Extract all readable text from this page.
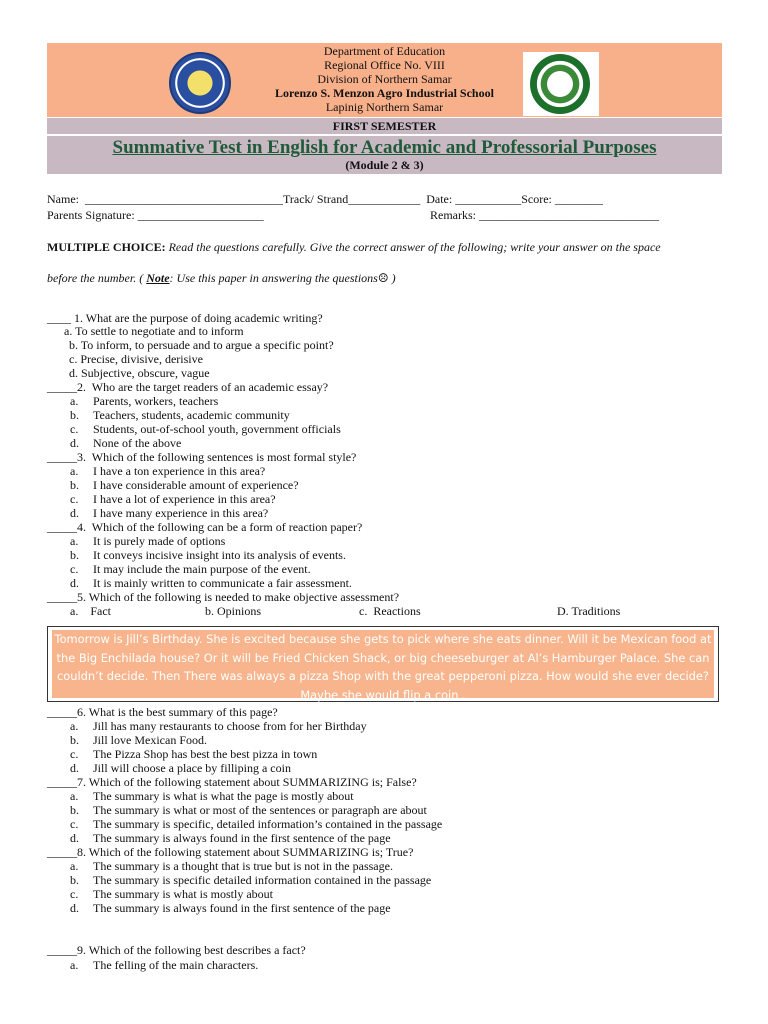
Department of Education
Regional Office No. VIII
Division of Northern Samar
Lorenzo S. Menzon Agro Industrial School
Lapinig Northern Samar
FIRST SEMESTER
Summative Test in English for Academic and Professorial Purposes
(Module 2 & 3)
Name:  _________________________________Track/ Strand____________  Date: ___________Score: ________
Parents Signature: _____________________	Remarks: ______________________________
MULTIPLE CHOICE: Read the questions carefully. Give the correct answer of the following; write your answer on the space
before the number. ( Note: Use this paper in answering the questions☹ )
____ 1. What are the purpose of doing academic writing?
a. To settle to negotiate and to inform
b. To inform, to persuade and to argue a specific point?
c. Precise, divisive, derisive
d. Subjective, obscure, vague
_____2.  Who are the target readers of an academic essay?
a. Parents, workers, teachers
b. Teachers, students, academic community
c. Students, out-of-school youth, government officials
d. None of the above
_____3.  Which of the following sentences is most formal style?
a. I have a ton experience in this area?
b. I have considerable amount of experience?
c. I have a lot of experience in this area?
d. I have many experience in this area?
_____4.  Which of the following can be a form of reaction paper?
a. It is purely made of options
b. It conveys incisive insight into its analysis of events.
c. It may include the main purpose of the event.
d. It is mainly written to communicate a fair assessment.
_____5. Which of the following is needed to make objective assessment?
a.    Fact	b. Opinions	c.  Reactions	D. Traditions
Tomorrow is Jill’s Birthday. She is excited because she gets to pick where she eats dinner. Will it be Mexican food at the Big Enchilada house? Or it will be Fried Chicken Shack, or big cheeseburger at Al’s Hamburger Palace. She can couldn’t decide. Then There was always a pizza Shop with the great pepperoni pizza. How would she ever decide? Maybe she would flip a coin .
_____6. What is the best summary of this page?
a. Jill has many restaurants to choose from for her Birthday
b. Jill love Mexican Food.
c. The Pizza Shop has best the best pizza in town
d. Jill will choose a place by filliping a coin
_____7. Which of the following statement about SUMMARIZING is; False?
a. The summary is what is what the page is mostly about
b. The summary is what or most of the sentences or paragraph are about
c. The summary is specific, detailed information’s contained in the passage
d. The summary is always found in the first sentence of the page
_____8. Which of the following statement about SUMMARIZING is; True?
a. The summary is a thought that is true but is not in the passage.
b. The summary is specific detailed information contained in the passage
c. The summary is what is mostly about
d. The summary is always found in the first sentence of the page
_____9. Which of the following best describes a fact?
a. The felling of the main characters.
